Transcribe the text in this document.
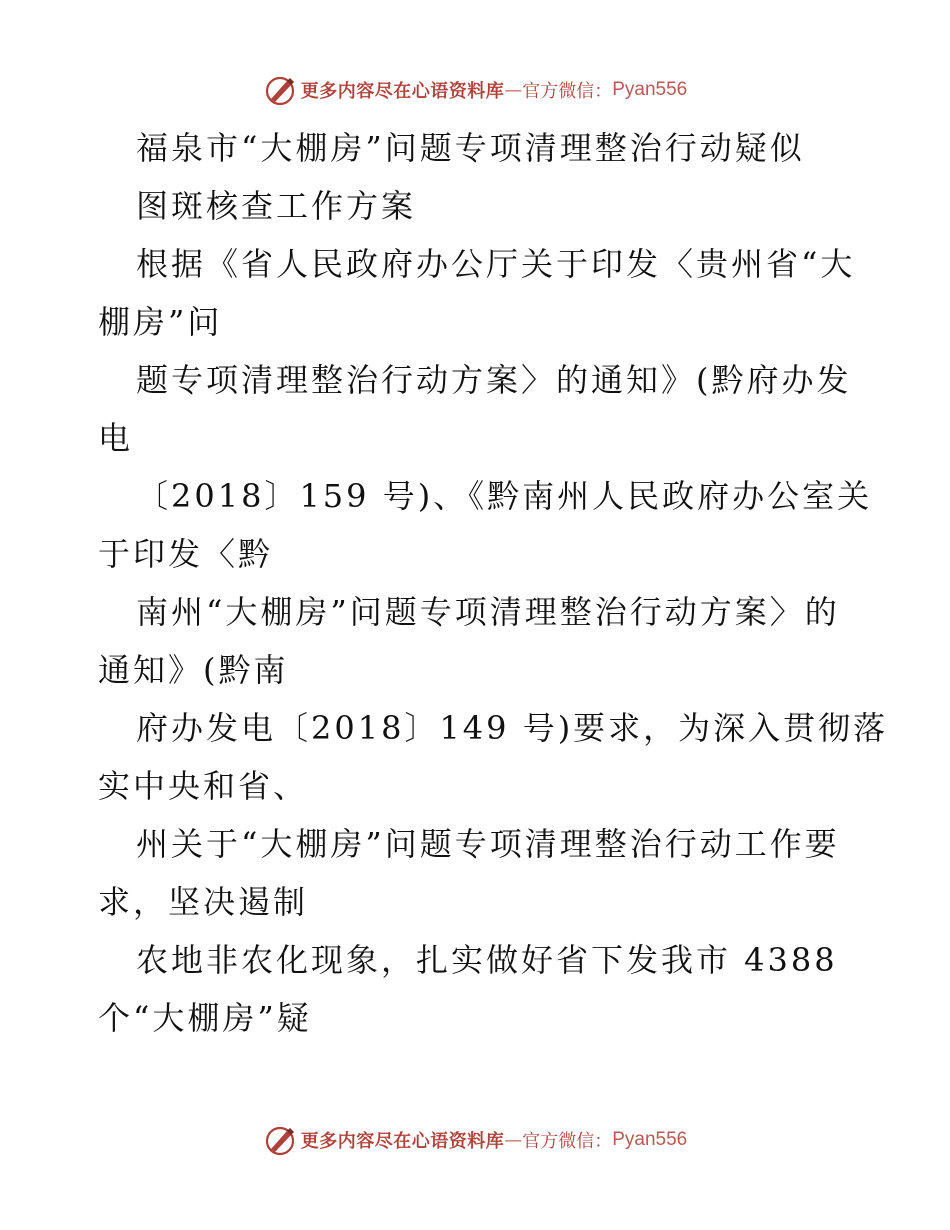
更多内容尽在心语资料库 — 官方微信： Pyan556
福泉市“大棚房”问题专项清理整治行动疑似
图斑核查工作方案
根据《省人民政府办公厅关于印发〈贵州省“大
棚房”问
题专项清理整治行动方案〉的通知》(黔府办发
电
〔2018〕159 号)、《黔南州人民政府办公室关
于印发〈黔
南州“大棚房”问题专项清理整治行动方案〉的
通知》(黔南
府办发电〔2018〕149 号)要求，为深入贯彻落
实中央和省、
州关于“大棚房”问题专项清理整治行动工作要
求，坚决遏制
农地非农化现象，扎实做好省下发我市 4388
个“大棚房”疑
更多内容尽在心语资料库 — 官方微信： Pyan556
